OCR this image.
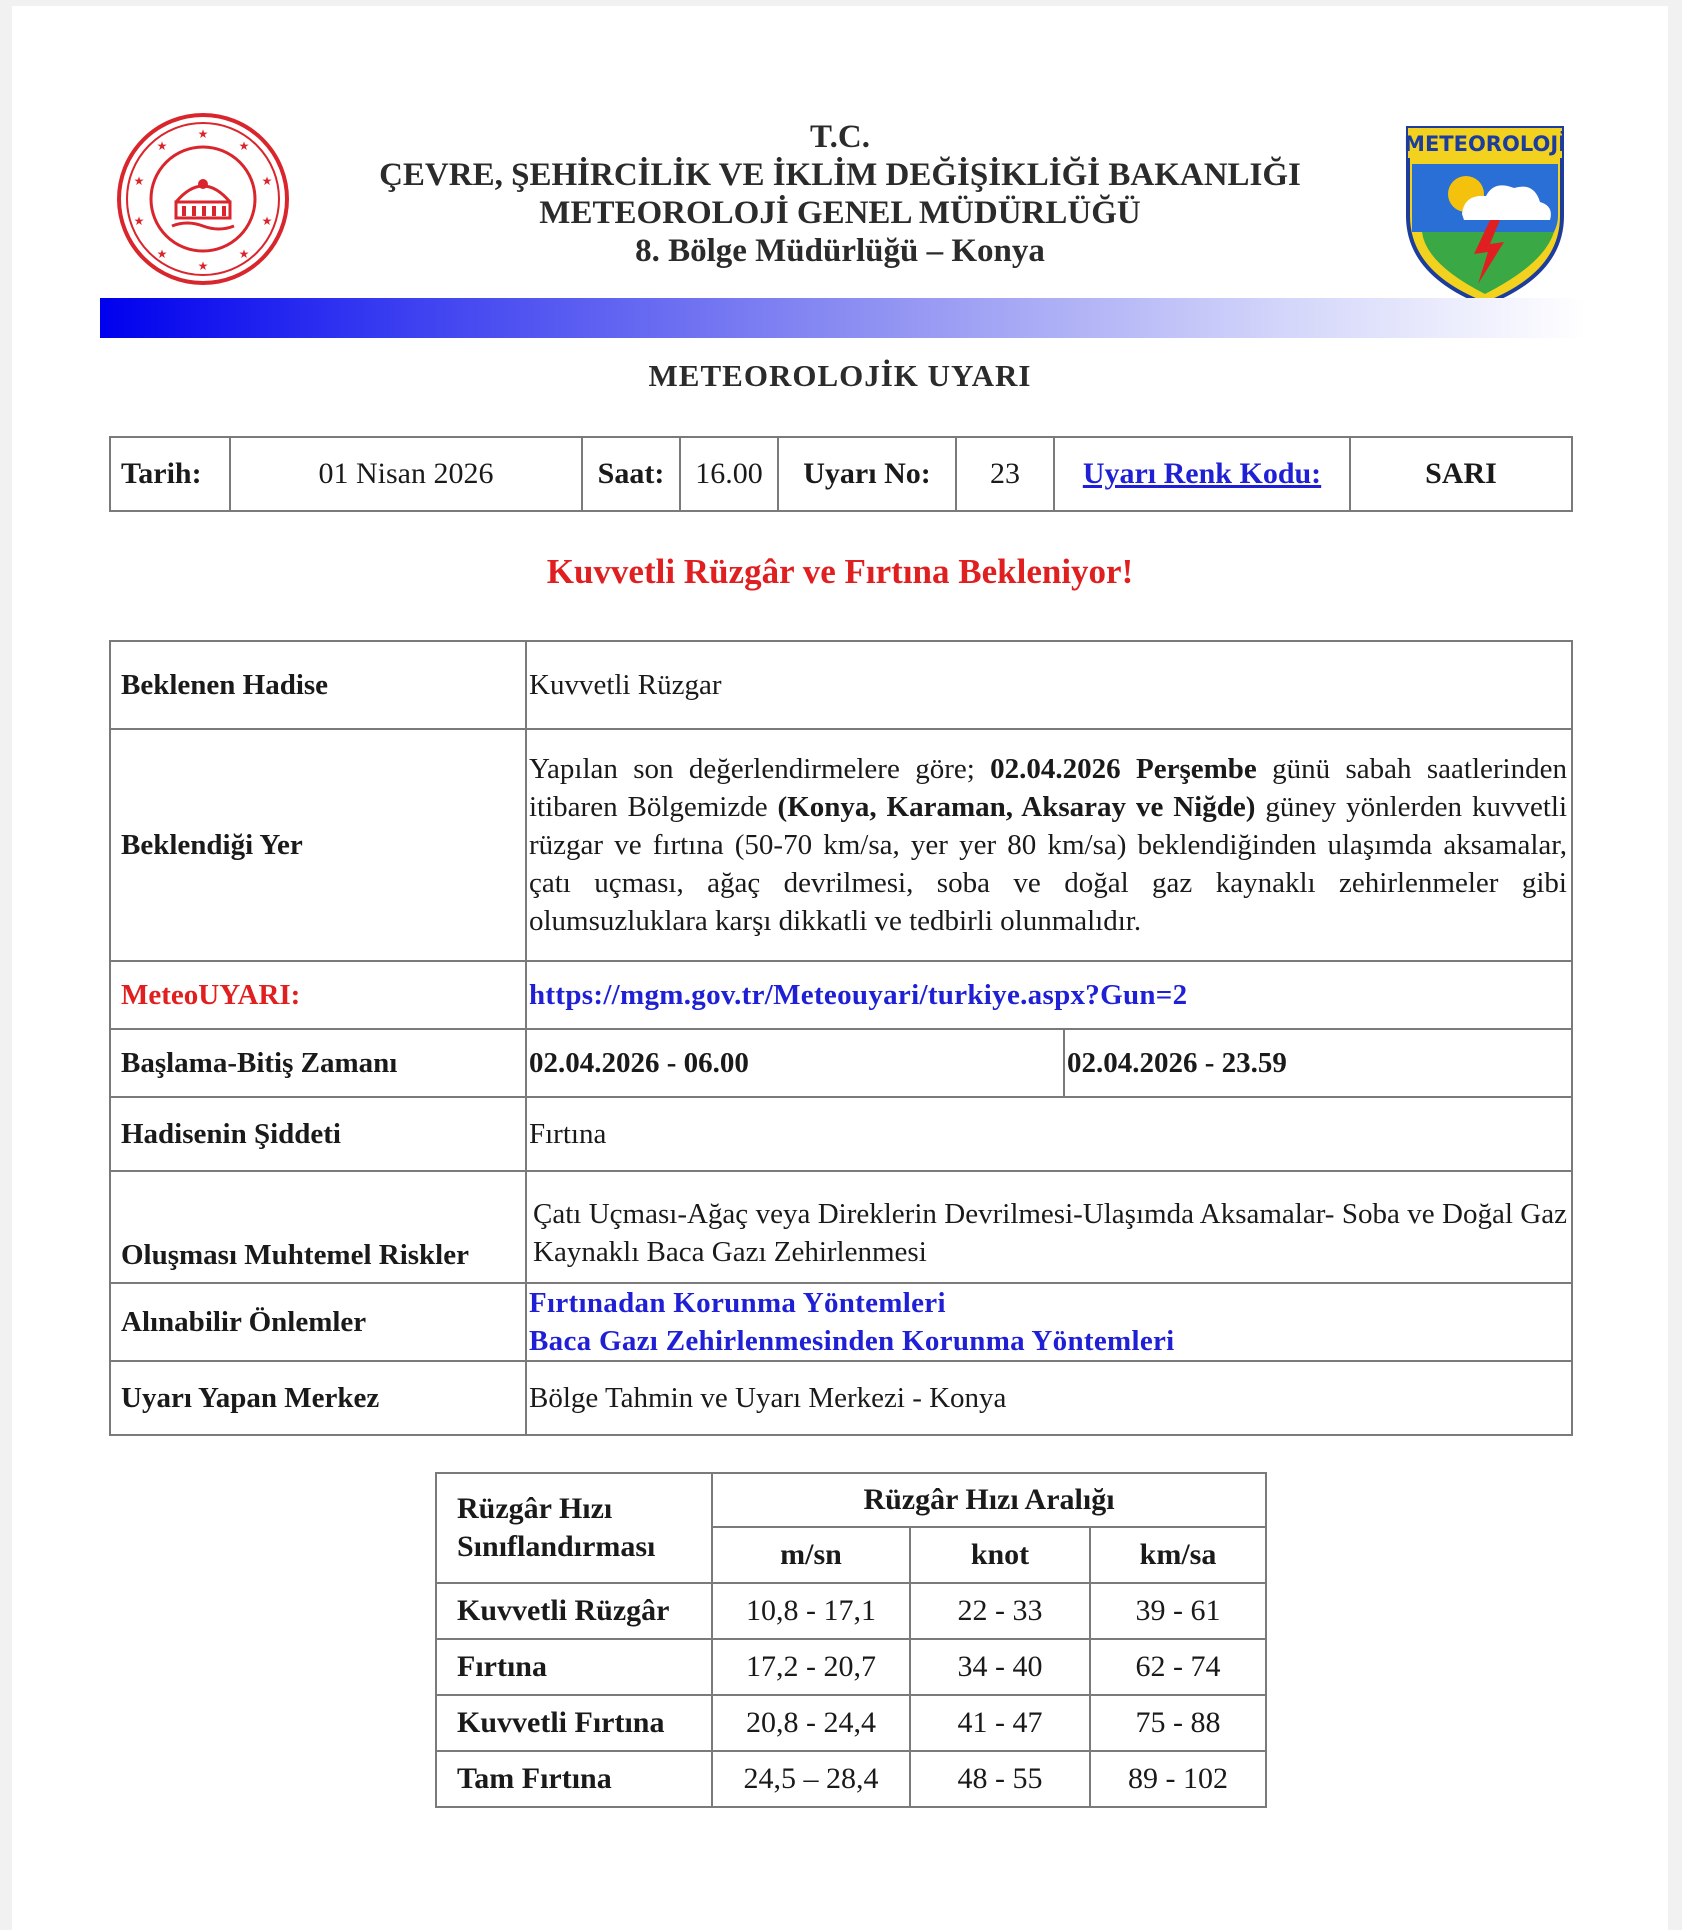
★
★
★
★
★
★
★
★
★
★	T.C.
ÇEVRE, ŞEHİRCİLİK VE İKLİM DEĞİŞİKLİĞİ BAKANLIĞI
METEOROLOJİ GENEL MÜDÜRLÜĞÜ
8. Bölge Müdürlüğü – Konya
METEOROLOJİ
METEOROLOJİK UYARI
Tarih:	01 Nisan 2026	Saat:	16.00	Uyarı No:	23	Uyarı Renk Kodu:	SARI
Kuvvetli Rüzgâr ve Fırtına Bekleniyor!
Beklenen Hadise	Kuvvetli Rüzgar	
Beklendiği Yer	Yapılan son değerlendirmelere göre; 02.04.2026 Perşembe günü sabah saatlerinden itibaren Bölgemizde (Konya, Karaman, Aksaray ve Niğde) güney yönlerden kuvvetli rüzgar ve fırtına (50-70 km/sa, yer yer 80 km/sa) beklendiğinden ulaşımda aksamalar, çatı uçması, ağaç devrilmesi, soba ve doğal gaz kaynaklı zehirlenmeler gibi olumsuzluklara karşı dikkatli ve tedbirli olunmalıdır.	
MeteoUYARI:	https://mgm.gov.tr/Meteouyari/turkiye.aspx?Gun=2	
Başlama-Bitiş Zamanı	02.04.2026 - 06.00	02.04.2026 - 23.59
Hadisenin Şiddeti	Fırtına	
Oluşması Muhtemel Riskler	Çatı Uçması-Ağaç veya Direklerin Devrilmesi-Ulaşımda Aksamalar- Soba ve Doğal Gaz Kaynaklı Baca Gazı Zehirlenmesi	
Alınabilir Önlemler	Fırtınadan Korunma Yöntemleri
Baca Gazı Zehirlenmesinden Korunma Yöntemleri	

Uyarı Yapan Merkez	Bölge Tahmin ve Uyarı Merkezi - Konya	
Rüzgâr Hızı Sınıflandırması	Rüzgâr Hızı Aralığı		
	m/sn	knot	km/sa
Kuvvetli Rüzgâr	10,8 - 17,1	22 - 33	39 - 61
Fırtına	17,2 - 20,7	34 - 40	62 - 74
Kuvvetli Fırtına	20,8 - 24,4	41 - 47	75 - 88
Tam Fırtına	24,5 – 28,4	48 - 55	89 - 102
